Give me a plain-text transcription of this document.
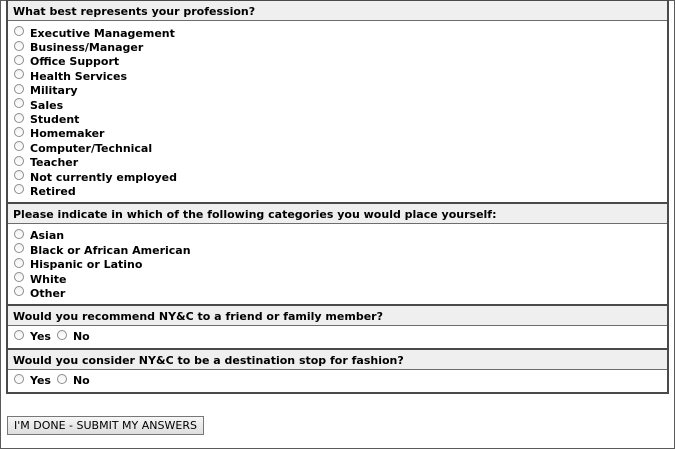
What best represents your profession?
Executive Management
Business/Manager
Office Support
Health Services
Military
Sales
Student
Homemaker
Computer/Technical
Teacher
Not currently employed
Retired
Please indicate in which of the following categories you would place yourself:
Asian
Black or African American
Hispanic or Latino
White
Other
Would you recommend NY&C to a friend or family member?
Yes No
Would you consider NY&C to be a destination stop for fashion?
Yes No
I'M DONE - SUBMIT MY ANSWERS
